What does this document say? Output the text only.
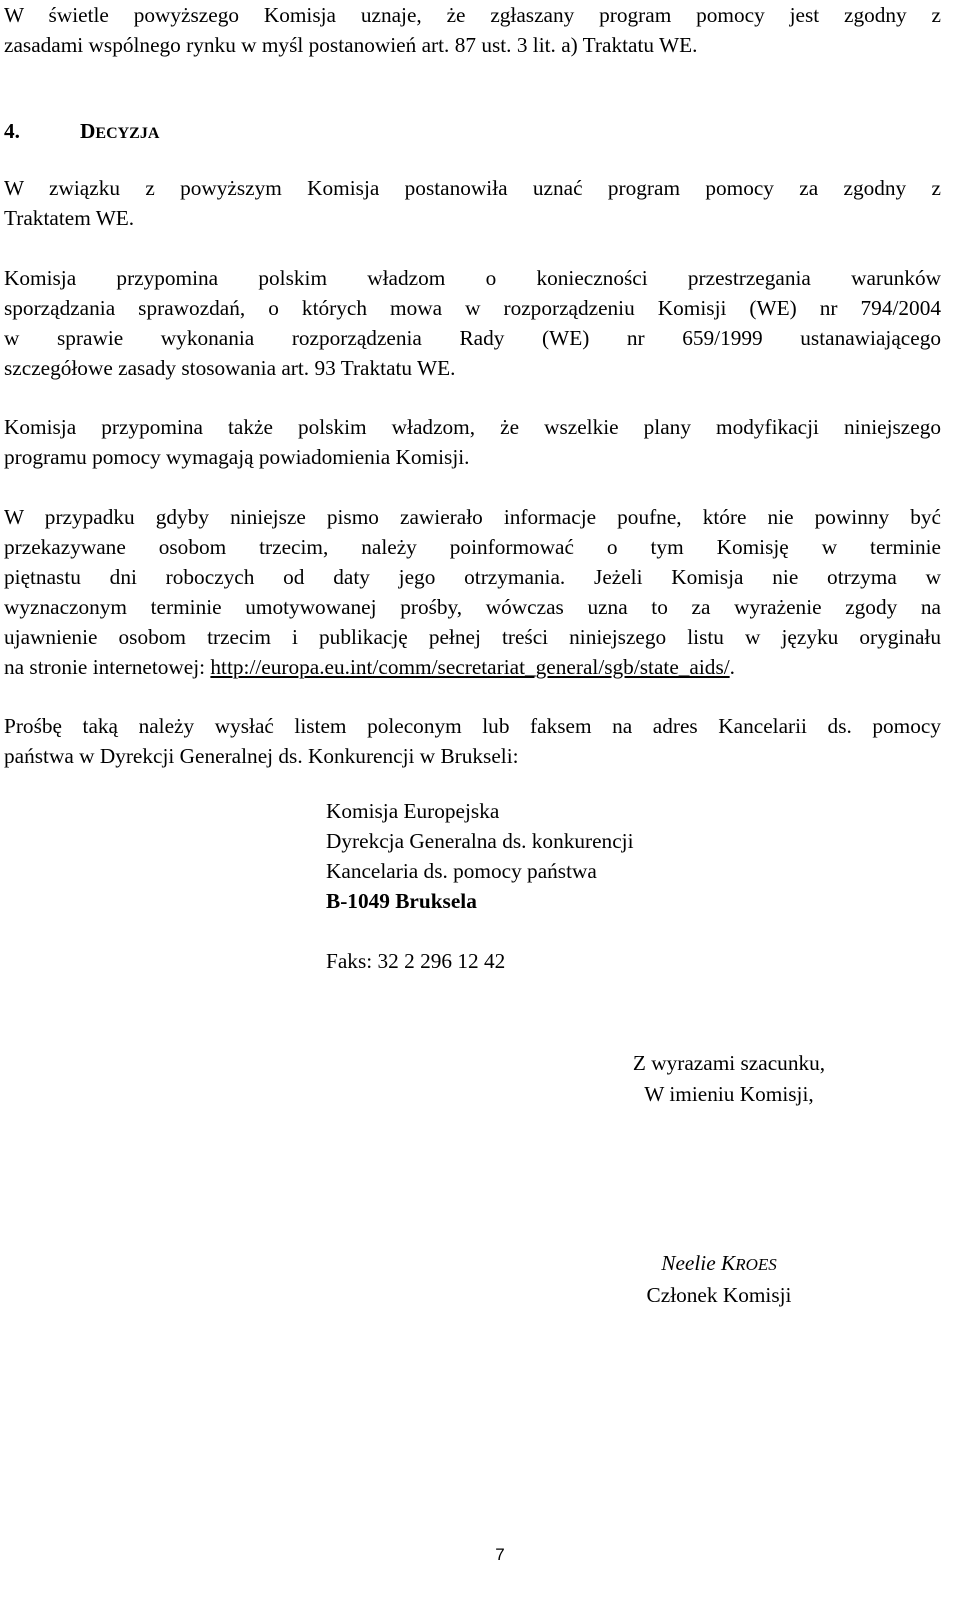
W świetle powyższego Komisja uznaje, że zgłaszany program pomocy jest zgodny z
zasadami wspólnego rynku w myśl postanowień art. 87 ust. 3 lit. a) Traktatu WE.
4.	DECYZJA
W związku z powyższym Komisja postanowiła uznać program pomocy za zgodny z
Traktatem WE.
Komisja przypomina polskim władzom o konieczności przestrzegania warunków
sporządzania sprawozdań, o których mowa w rozporządzeniu Komisji (WE) nr 794/2004
w sprawie wykonania rozporządzenia Rady (WE) nr 659/1999 ustanawiającego
szczegółowe zasady stosowania art. 93 Traktatu WE.
Komisja przypomina także polskim władzom, że wszelkie plany modyfikacji niniejszego
programu pomocy wymagają powiadomienia Komisji.
W przypadku gdyby niniejsze pismo zawierało informacje poufne, które nie powinny być
przekazywane osobom trzecim, należy poinformować o tym Komisję w terminie
piętnastu dni roboczych od daty jego otrzymania. Jeżeli Komisja nie otrzyma w
wyznaczonym terminie umotywowanej prośby, wówczas uzna to za wyrażenie zgody na
ujawnienie osobom trzecim i publikację pełnej treści niniejszego listu w języku oryginału
na stronie internetowej: http://europa.eu.int/comm/secretariat_general/sgb/state_aids/.
Prośbę taką należy wysłać listem poleconym lub faksem na adres Kancelarii ds. pomocy
państwa w Dyrekcji Generalnej ds. Konkurencji w Brukseli:
Komisja Europejska
Dyrekcja Generalna ds. konkurencji
Kancelaria ds. pomocy państwa
B-1049 Bruksela
Faks: 32 2 296 12 42
Z wyrazami szacunku,
W imieniu Komisji,
Neelie KROES
Członek Komisji
7
